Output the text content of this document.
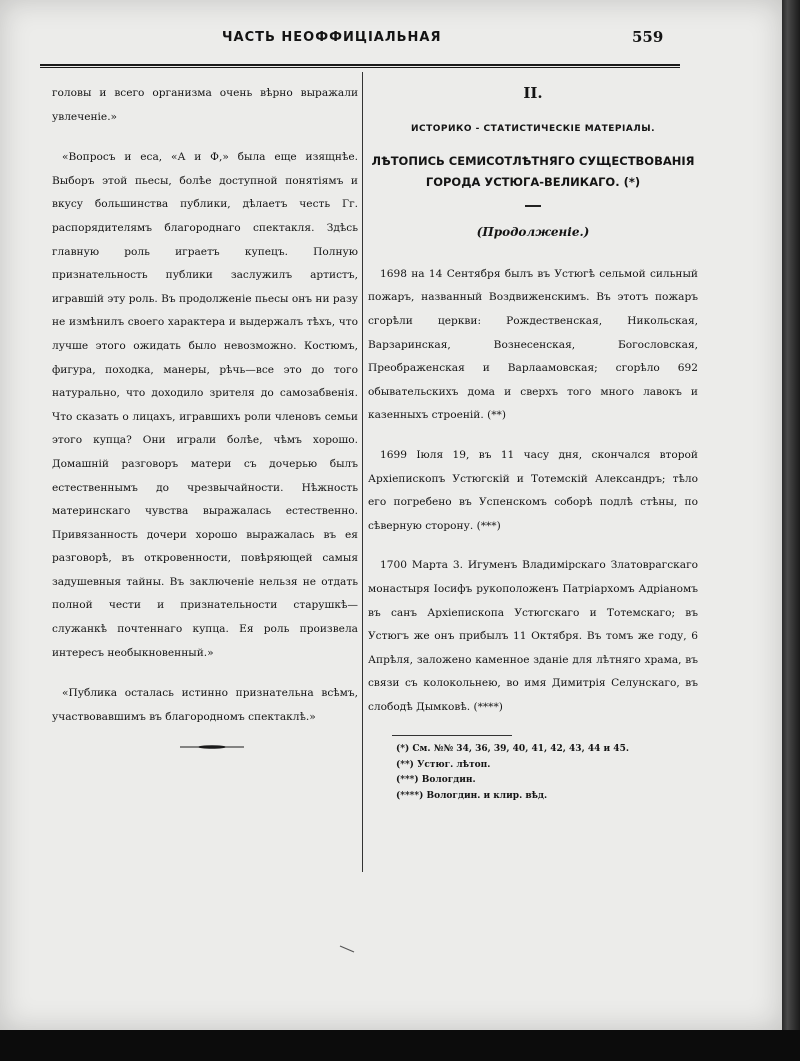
ЧАСТЬ НЕОФФИЦІАЛЬНАЯ	559

головы и всего организма очень вѣрно выражали увлеченіе.»

«Вопросъ и еса, «А и Ф,» была еще изящнѣе. Выборъ этой пьесы, болѣе доступной понятіямъ и вкусу большинства публики, дѣлаетъ честь Гг. распорядителямъ благороднаго спектакля. Здѣсь главную роль играетъ купецъ. Полную признательность публики заслужилъ артистъ, игравшій эту роль. Въ продолженіе пьесы онъ ни разу не измѣнилъ своего характера и выдержалъ тѣхъ, что лучше этого ожидать было невозможно. Костюмъ, фигура, походка, манеры, рѣчь—все это до того натурально, что доходило зрителя до самозабвенія. Что сказать о лицахъ, игравшихъ роли членовъ семьи этого купца? Они играли болѣе, чѣмъ хорошо. Домашній разговоръ матери съ дочерью былъ естественнымъ до чрезвычайности. Нѣжность материнскаго чувства выражалась естественно. Привязанность дочери хорошо выражалась въ ея разговорѣ, въ откровенности, повѣряющей самыя задушевныя тайны. Въ заключеніе нельзя не отдать полной чести и признательности старушкѣ—служанкѣ почтеннаго купца. Ея роль произвела интересъ необыкновенный.»

«Публика осталась истинно признательна всѣмъ, участвовавшимъ въ благородномъ спектаклѣ.»

II.
ИСТОРИКО - СТАТИСТИЧЕСКІЕ МАТЕРІАЛЫ.
ЛѢТОПИСЬ СЕМИСОТЛѢТНЯГО СУЩЕСТВОВАНІЯ ГОРОДА УСТЮГА-ВЕЛИКАГО. (*)
(Продолженіе.)

1698 на 14 Сентября былъ въ Устюгѣ сельмой сильный пожаръ, названный Воздвиженскимъ. Въ этотъ пожаръ сгорѣли церкви: Рождественская, Никольская, Варзаринская, Вознесенская, Богословская, Преображенская и Варлаамовская; сгорѣло 692 обывательскихъ дома и сверхъ того много лавокъ и казенныхъ строеній. (**)

1699 Іюля 19, въ 11 часу дня, скончался второй Архіепископъ Устюгскій и Тотемскій Александръ; тѣло его погребено въ Успенскомъ соборѣ подлѣ стѣны, по сѣверную сторону. (***)

1700 Марта 3. Игуменъ Владимірскаго Златоврагскаго монастыря Іосифъ рукоположенъ Патріархомъ Адріаномъ въ санъ Архіепископа Устюгскаго и Тотемскаго; въ Устюгъ же онъ прибылъ 11 Октября. Въ томъ же году, 6 Апрѣля, заложено каменное зданіе для лѣтняго храма, въ связи съ колокольнею, во имя Димитрія Селунскаго, въ слободѣ Дымковѣ. (****)

(*) См. №№ 34, 36, 39, 40, 41, 42, 43, 44 и 45.
(**) Устюг. лѣтоп.
(***) Вологдин.
(****) Вологдин. и клир. вѣд.
